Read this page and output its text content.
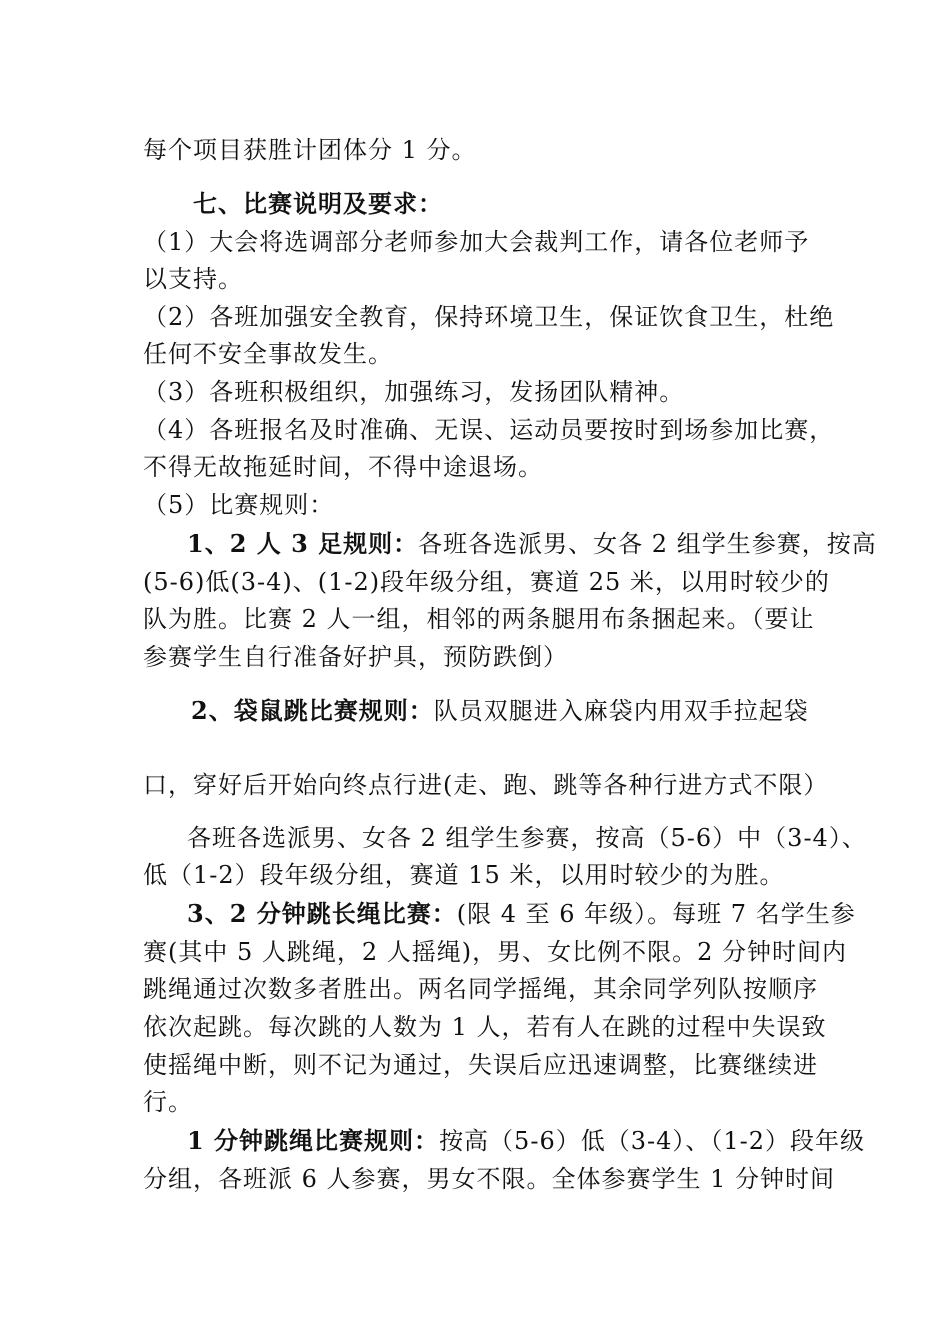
每个项目获胜计团体分 1 分。
七、比赛说明及要求：
（1）大会将选调部分老师参加大会裁判工作，请各位老师予
以支持。
（2）各班加强安全教育，保持环境卫生，保证饮食卫生，杜绝
任何不安全事故发生。
（3）各班积极组织，加强练习，发扬团队精神。
（4）各班报名及时准确、无误、运动员要按时到场参加比赛，
不得无故拖延时间，不得中途退场。
（5）比赛规则：
1、2 人 3 足规则：各班各选派男、女各 2 组学生参赛，按高
(5-6)低(3-4)、(1-2)段年级分组，赛道 25 米，以用时较少的
队为胜。比赛 2 人一组，相邻的两条腿用布条捆起来。（要让
参赛学生自行准备好护具，预防跌倒）
2、袋鼠跳比赛规则：队员双腿进入麻袋内用双手拉起袋
口，穿好后开始向终点行进(走、跑、跳等各种行进方式不限）
各班各选派男、女各 2 组学生参赛，按高（5-6）中（3-4）、
低（1-2）段年级分组，赛道 15 米，以用时较少的为胜。
3、2 分钟跳长绳比赛：(限 4 至 6 年级）。每班 7 名学生参
赛(其中 5 人跳绳，2 人摇绳)，男、女比例不限。2 分钟时间内
跳绳通过次数多者胜出。两名同学摇绳，其余同学列队按顺序
依次起跳。每次跳的人数为 1 人，若有人在跳的过程中失误致
使摇绳中断，则不记为通过，失误后应迅速调整，比赛继续进
行。
1 分钟跳绳比赛规则：按高（5-6）低（3-4）、（1-2）段年级
分组，各班派 6 人参赛，男女不限。全体参赛学生 1 分钟时间
